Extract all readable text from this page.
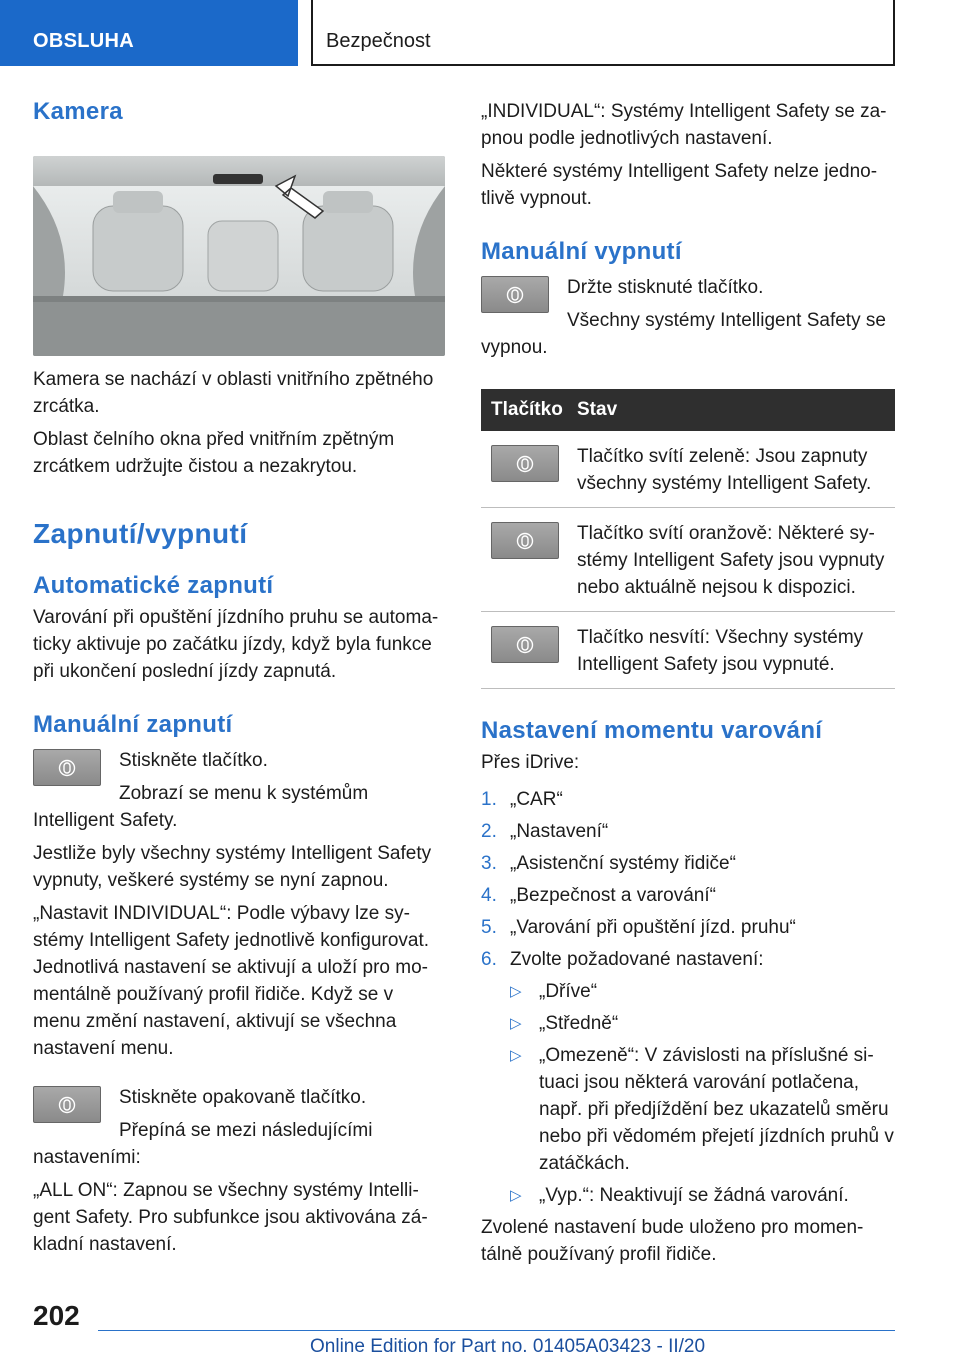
OBSLUHA	Bezpečnost
Kamera

Kamera se nachází v oblasti vnitřního zpětného zrcátka.

Oblast čelního okna před vnitřním zpětným zrcátkem udržujte čistou a nezakrytou.

Zapnutí/vypnutí
Automatické zapnutí

Varování při opuštění jízdního pruhu se automaticky aktivuje po začátku jízdy, když byla funkce při ukončení poslední jízdy zapnutá.

Manuální zapnutí

Stiskněte tlačítko.

Zobrazí se menu k systémům Intelligent Safety.

Jestliže byly všechny systémy Intelligent Safety vypnuty, veškeré systémy se nyní zapnou.

„Nastavit INDIVIDUAL“: Podle výbavy lze systémy Intelligent Safety jednotlivě konfigurovat. Jednotlivá nastavení se aktivují a uloží pro momentálně používaný profil řidiče. Když se v menu změní nastavení, aktivují se všechna nastavení menu.

Stiskněte opakovaně tlačítko.

Přepíná se mezi následujícími nastaveními:

„ALL ON“: Zapnou se všechny systémy Intelligent Safety. Pro subfunkce jsou aktivována základní nastavení.

„INDIVIDUAL“: Systémy Intelligent Safety se zapnou podle jednotlivých nastavení.

Některé systémy Intelligent Safety nelze jednotlivě vypnout.

Manuální vypnutí

Držte stisknuté tlačítko.

Všechny systémy Intelligent Safety se vypnou.

Tlačítko	Stav

	Tlačítko svítí zeleně: Jsou zapnuty všechny systémy Intelligent Safety.

	Tlačítko svítí oranžově: Některé systémy Intelligent Safety jsou vypnuty nebo aktuálně nejsou k dispozici.

	Tlačítko nesvítí: Všechny systémy Intelligent Safety jsou vypnuté.
Nastavení momentu varování

Přes iDrive:

1. „CAR“
2. „Nastavení“
3. „Asistenční systémy řidiče“
4. „Bezpečnost a varování“
5. „Varování při opuštění jízd. pruhu“
6. Zvolte požadované nastavení:
▷ „Dříve“
▷ „Středně“
▷ „Omezeně“: V závislosti na příslušné situaci jsou některá varování potlačena, např. při předjíždění bez ukazatelů směru nebo při vědomém přejetí jízdních pruhů v zatáčkách.
▷ „Vyp.“: Neaktivují se žádná varování.

Zvolené nastavení bude uloženo pro momentálně používaný profil řidiče.

202
Online Edition for Part no. 01405A03423 - II/20
